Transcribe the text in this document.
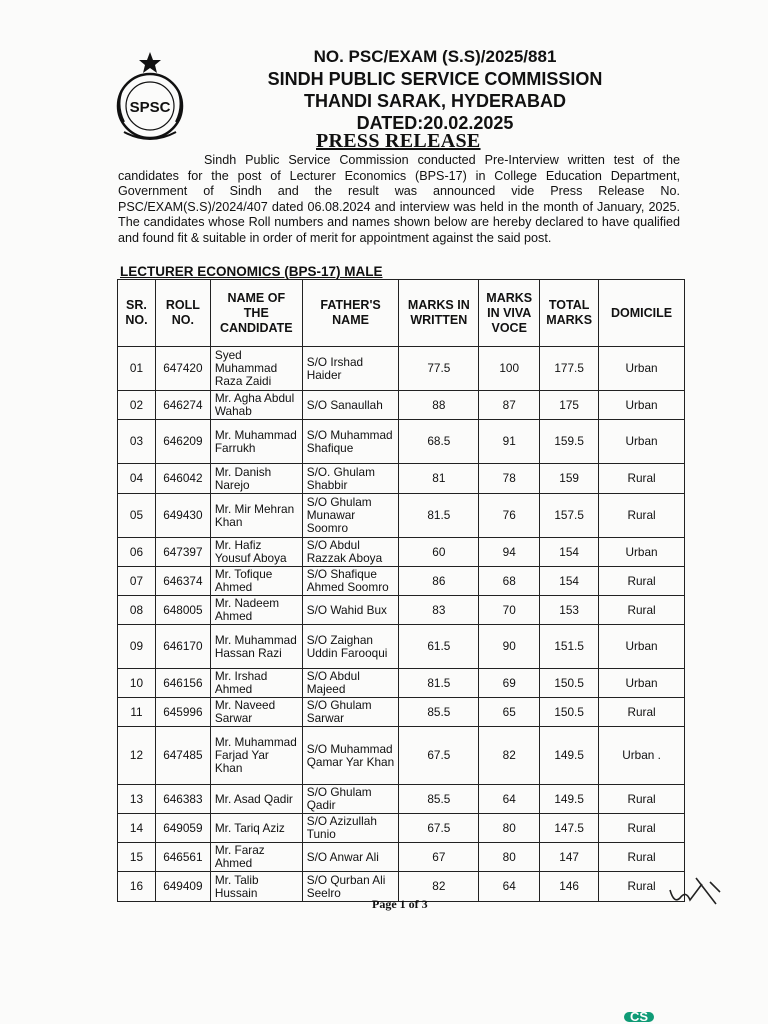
SPSC
NO. PSC/EXAM (S.S)/2025/881
SINDH PUBLIC SERVICE COMMISSION
THANDI SARAK, HYDERABAD
DATED:20.02.2025
PRESS RELEASE
Sindh Public Service Commission conducted Pre-Interview written test of the candidates for the post of Lecturer Economics (BPS-17) in College Education Department, Government of Sindh and the result was announced vide Press Release No. PSC/EXAM(S.S)/2024/407 dated 06.08.2024 and interview was held in the month of January, 2025. The candidates whose Roll numbers and names shown below are hereby declared to have qualified and found fit & suitable in order of merit for appointment against the said post.
LECTURER ECONOMICS (BPS-17) MALE
SR. NO.	ROLL NO.	NAME OF THE CANDIDATE	FATHER'S NAME	MARKS IN WRITTEN	MARKS IN VIVA VOCE	TOTAL MARKS	DOMICILE
01	647420	Syed Muhammad Raza Zaidi	S/O Irshad Haider	77.5	100	177.5	Urban
02	646274	Mr. Agha Abdul Wahab	S/O Sanaullah	88	87	175	Urban
03	646209	Mr. Muhammad Farrukh	S/O Muhammad Shafique	68.5	91	159.5	Urban
04	646042	Mr. Danish Narejo	S/O. Ghulam Shabbir	81	78	159	Rural
05	649430	Mr. Mir Mehran Khan	S/O Ghulam Munawar Soomro	81.5	76	157.5	Rural
06	647397	Mr. Hafiz Yousuf Aboya	S/O Abdul Razzak Aboya	60	94	154	Urban
07	646374	Mr. Tofique Ahmed	S/O Shafique Ahmed Soomro	86	68	154	Rural
08	648005	Mr. Nadeem Ahmed	S/O Wahid Bux	83	70	153	Rural
09	646170	Mr. Muhammad Hassan Razi	S/O Zaighan Uddin Farooqui	61.5	90	151.5	Urban
10	646156	Mr. Irshad Ahmed	S/O Abdul Majeed	81.5	69	150.5	Urban
11	645996	Mr. Naveed Sarwar	S/O Ghulam Sarwar	85.5	65	150.5	Rural
12	647485	Mr. Muhammad Farjad Yar Khan	S/O Muhammad Qamar Yar Khan	67.5	82	149.5	Urban .
13	646383	Mr. Asad Qadir	S/O Ghulam Qadir	85.5	64	149.5	Rural
14	649059	Mr. Tariq Aziz	S/O Azizullah Tunio	67.5	80	147.5	Rural
15	646561	Mr. Faraz Ahmed	S/O Anwar Ali	67	80	147	Rural
16	649409	Mr. Talib Hussain	S/O Qurban Ali Seelro	82	64	146	Rural
Page 1 of 3
CS
